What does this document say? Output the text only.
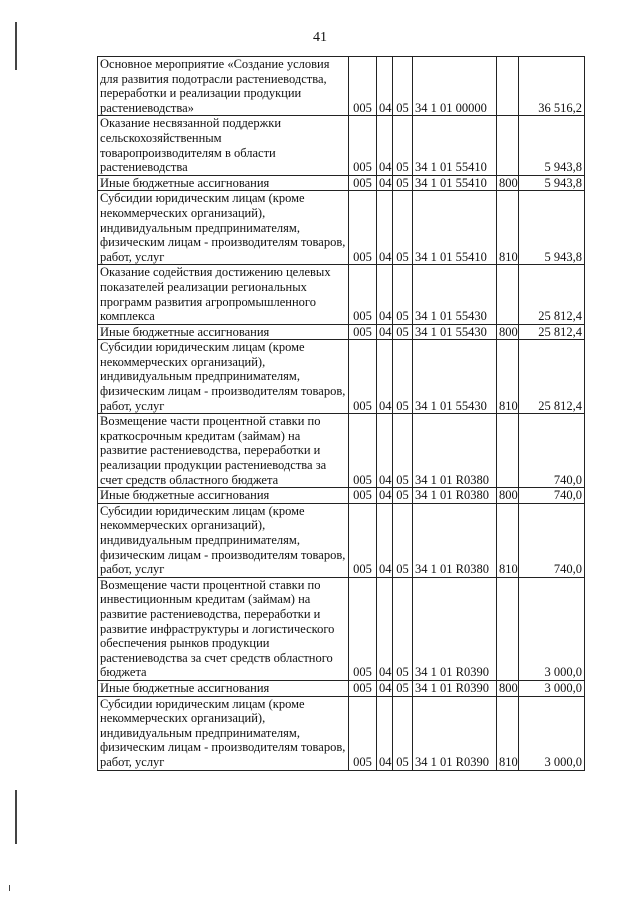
41
Основное мероприятие «Создание условия для развития подотрасли растениеводства, переработки и реализации продукции растениеводства»	005	04	05	34 1 01 00000		36 516,2
Оказание несвязанной поддержки сельскохозяйственным товаропроизводителям в области растениеводства	005	04	05	34 1 01 55410		5 943,8
Иные бюджетные ассигнования	005	04	05	34 1 01 55410	800	5 943,8
Субсидии юридическим лицам (кроме некоммерческих организаций), индивидуальным предпринимателям, физическим лицам - производителям товаров, работ, услуг	005	04	05	34 1 01 55410	810	5 943,8
Оказание содействия достижению целевых показателей реализации региональных программ развития агропромышленного комплекса	005	04	05	34 1 01 55430		25 812,4
Иные бюджетные ассигнования	005	04	05	34 1 01 55430	800	25 812,4
Субсидии юридическим лицам (кроме некоммерческих организаций), индивидуальным предпринимателям, физическим лицам - производителям товаров, работ, услуг	005	04	05	34 1 01 55430	810	25 812,4
Возмещение части процентной ставки по краткосрочным кредитам (займам) на развитие растениеводства, переработки и реализации продукции растениеводства за счет средств областного бюджета	005	04	05	34 1 01 R0380		740,0
Иные бюджетные ассигнования	005	04	05	34 1 01 R0380	800	740,0
Субсидии юридическим лицам (кроме некоммерческих организаций), индивидуальным предпринимателям, физическим лицам - производителям товаров, работ, услуг	005	04	05	34 1 01 R0380	810	740,0
Возмещение части процентной ставки по инвестиционным кредитам (займам) на развитие растениеводства, переработки и развитие инфраструктуры и логистического обеспечения рынков продукции растениеводства за счет средств областного бюджета	005	04	05	34 1 01 R0390		3 000,0
Иные бюджетные ассигнования	005	04	05	34 1 01 R0390	800	3 000,0
Субсидии юридическим лицам (кроме некоммерческих организаций), индивидуальным предпринимателям, физическим лицам - производителям товаров, работ, услуг	005	04	05	34 1 01 R0390	810	3 000,0
